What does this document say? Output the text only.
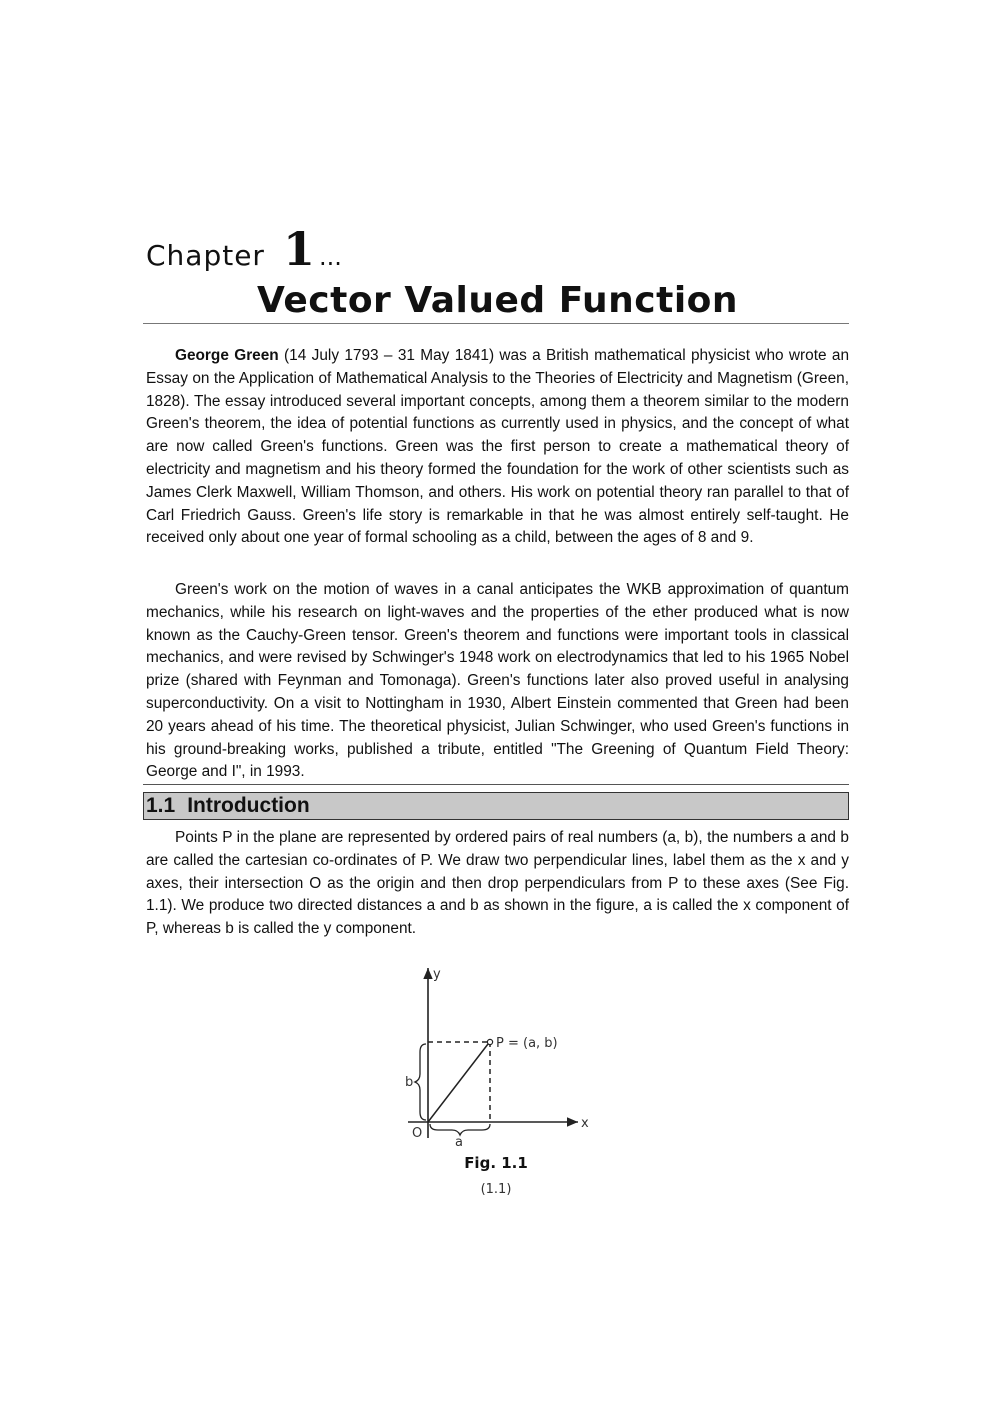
Chapter 1 ...
Vector Valued Function

George Green (14 July 1793 – 31 May 1841) was a British mathematical physicist who wrote an Essay on the Application of Mathematical Analysis to the Theories of Electricity and Magnetism (Green, 1828). The essay introduced several important concepts, among them a theorem similar to the modern Green's theorem, the idea of potential functions as currently used in physics, and the concept of what are now called Green's functions. Green was the first person to create a mathematical theory of electricity and magnetism and his theory formed the foundation for the work of other scientists such as James Clerk Maxwell, William Thomson, and others. His work on potential theory ran parallel to that of Carl Friedrich Gauss. Green's life story is remarkable in that he was almost entirely self-taught. He received only about one year of formal schooling as a child, between the ages of 8 and 9.

Green's work on the motion of waves in a canal anticipates the WKB approximation of quantum mechanics, while his research on light-waves and the properties of the ether produced what is now known as the Cauchy-Green tensor. Green's theorem and functions were important tools in classical mechanics, and were revised by Schwinger's 1948 work on electrodynamics that led to his 1965 Nobel prize (shared with Feynman and Tomonaga). Green's functions later also proved useful in analysing superconductivity. On a visit to Nottingham in 1930, Albert Einstein commented that Green had been 20 years ahead of his time. The theoretical physicist, Julian Schwinger, who used Green's functions in his ground-breaking works, published a tribute, entitled "The Greening of Quantum Field Theory: George and I", in 1993.

1.1 Introduction

Points P in the plane are represented by ordered pairs of real numbers (a, b), the numbers a and b are called the cartesian co-ordinates of P. We draw two perpendicular lines, label them as the x and y axes, their intersection O as the origin and then drop perpendiculars from P to these axes (See Fig. 1.1). We produce two directed distances a and b as shown in the figure, a is called the x component of P, whereas b is called the y component.

y
x
O
P = (a, b)
a
b
Fig. 1.1
(1.1)
